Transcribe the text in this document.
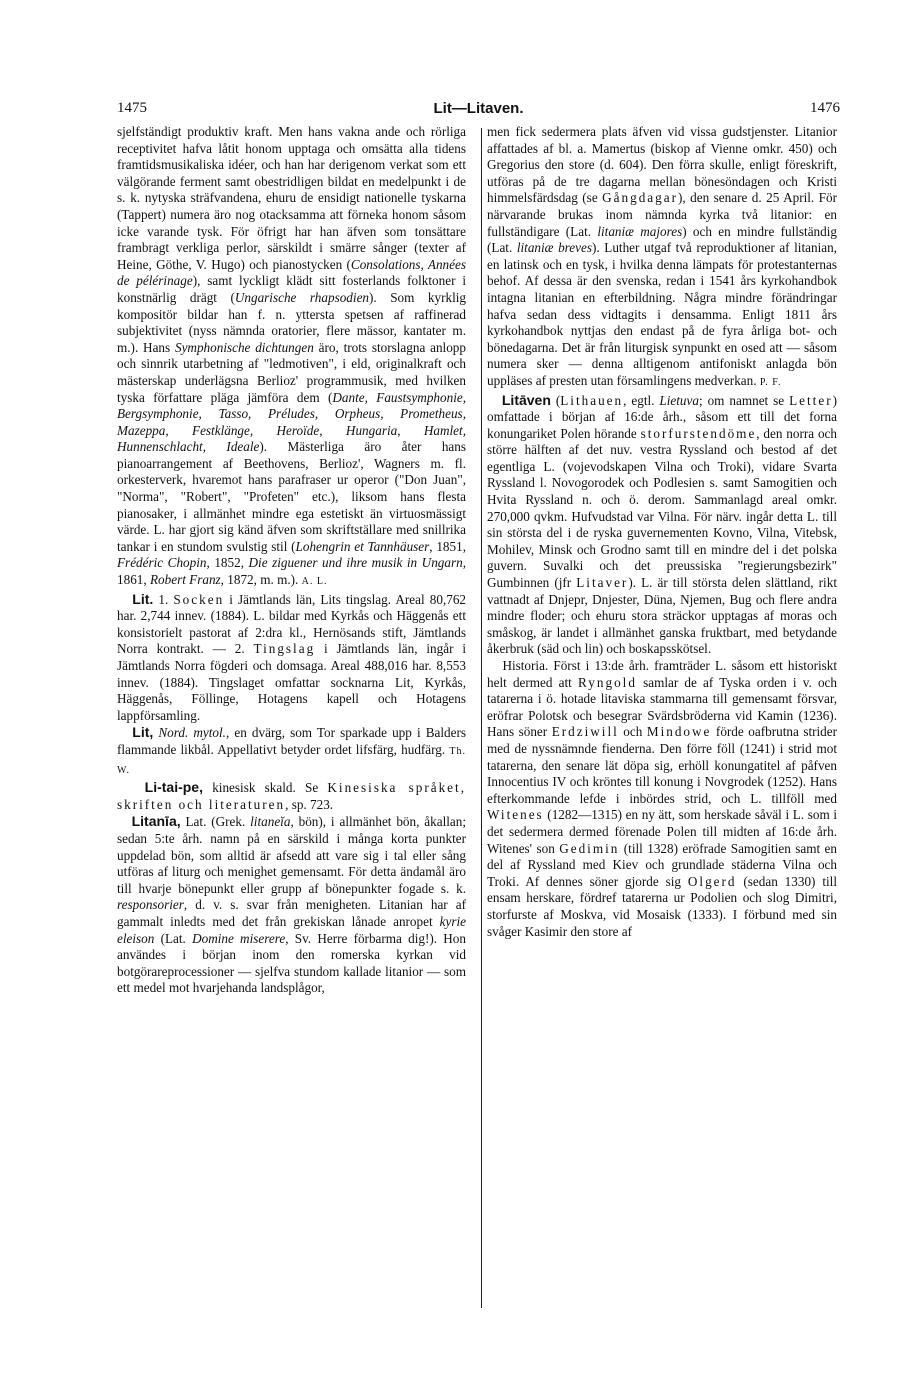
1475	Lit—Litaven.	1476

sjelfständigt produktiv kraft. Men hans vakna ande och rörliga receptivitet hafva låtit honom upptaga och omsätta alla tidens framtidsmusikaliska idéer, och han har derigenom verkat som ett välgörande ferment samt obestridligen bildat en medelpunkt i de s. k. nytyska sträfvandena, ehuru de ensidigt nationelle tyskarna (Tappert) numera äro nog otacksamma att förneka honom såsom icke varande tysk. För öfrigt har han äfven som tonsättare frambragt verkliga perlor, särskildt i smärre sånger (texter af Heine, Göthe, V. Hugo) och pianostycken (Consolations, Années de pélérinage), samt lyckligt klädt sitt fosterlands folktoner i konstnärlig drägt (Ungarische rhapsodien). Som kyrklig kompositör bildar han f. n. yttersta spetsen af raffinerad subjektivitet (nyss nämnda oratorier, flere mässor, kantater m. m.). Hans Symphonische dichtungen äro, trots storslagna anlopp och sinnrik utarbetning af "ledmotiven", i eld, originalkraft och mästerskap underlägsna Berlioz' programmusik, med hvilken tyska författare pläga jämföra dem (Dante, Faustsymphonie, Bergsymphonie, Tasso, Préludes, Orpheus, Prometheus, Mazeppa, Festklänge, Heroïde, Hungaria, Hamlet, Hunnenschlacht, Ideale). Mästerliga äro åter hans pianoarrangement af Beethovens, Berlioz', Wagners m. fl. orkesterverk, hvaremot hans parafraser ur operor ("Don Juan", "Norma", "Robert", "Profeten" etc.), liksom hans flesta pianosaker, i allmänhet mindre ega estetiskt än virtuosmässigt värde. L. har gjort sig känd äfven som skriftställare med snillrika tankar i en stundom svulstig stil (Lohengrin et Tannhäuser, 1851, Frédéric Chopin, 1852, Die ziguener und ihre musik in Ungarn, 1861, Robert Franz, 1872, m. m.). A. L.

Lit. 1. Socken i Jämtlands län, Lits tingslag. Areal 80,762 har. 2,744 innev. (1884). L. bildar med Kyrkås och Häggenås ett konsistorielt pastorat af 2:dra kl., Hernösands stift, Jämtlands Norra kontrakt. — 2. Tingslag i Jämtlands län, ingår i Jämtlands Norra fögderi och domsaga. Areal 488,016 har. 8,553 innev. (1884). Tingslaget omfattar socknarna Lit, Kyrkås, Häggenås, Föllinge, Hotagens kapell och Hotagens lappförsamling.

Lit, Nord. mytol., en dvärg, som Tor sparkade upp i Balders flammande likbål. Appellativt betyder ordet lifsfärg, hudfärg. Th. W.

Li-tai-pe, kinesisk skald. Se Kinesiska språket, skriften och literaturen, sp. 723.

Litanīa, Lat. (Grek. litaneĭa, bön), i allmänhet bön, åkallan; sedan 5:te årh. namn på en särskild i många korta punkter uppdelad bön, som alltid är afsedd att vare sig i tal eller sång utföras af liturg och menighet gemensamt. För detta ändamål äro till hvarje bönepunkt eller grupp af bönepunkter fogade s. k. responsorier, d. v. s. svar från menigheten. Litanian har af gammalt inledts med det från grekiskan lånade anropet kyrie eleison (Lat. Domine miserere, Sv. Herre förbarma dig!). Hon användes i början inom den romerska kyrkan vid botgörareprocessioner — sjelfva stundom kallade litanior — som ett medel mot hvarjehanda landsplågor,

men fick sedermera plats äfven vid vissa gudstjenster. Litanior affattades af bl. a. Mamertus (biskop af Vienne omkr. 450) och Gregorius den store (d. 604). Den förra skulle, enligt föreskrift, utföras på de tre dagarna mellan bönesöndagen och Kristi himmelsfärdsdag (se Gångdagar), den senare d. 25 April. För närvarande brukas inom nämnda kyrka två litanior: en fullständigare (Lat. litaniæ majores) och en mindre fullständig (Lat. litaniæ breves). Luther utgaf två reproduktioner af litanian, en latinsk och en tysk, i hvilka denna lämpats för protestanternas behof. Af dessa är den svenska, redan i 1541 års kyrkohandbok intagna litanian en efterbildning. Några mindre förändringar hafva sedan dess vidtagits i densamma. Enligt 1811 års kyrkohandbok nyttjas den endast på de fyra årliga bot- och bönedagarna. Det är från liturgisk synpunkt en osed att — såsom numera sker — denna alltigenom antifoniskt anlagda bön uppläses af presten utan församlingens medverkan. P. F.

Litāven (Lithauen, egtl. Lietuva; om namnet se Letter) omfattade i början af 16:de årh., såsom ett till det forna konungariket Polen hörande storfurstendöme, den norra och större hälften af det nuv. vestra Ryssland och bestod af det egentliga L. (vojevodskapen Vilna och Troki), vidare Svarta Ryssland l. Novogorodek och Podlesien s. samt Samogitien och Hvita Ryssland n. och ö. derom. Sammanlagd areal omkr. 270,000 qvkm. Hufvudstad var Vilna. För närv. ingår detta L. till sin största del i de ryska guvernementen Kovno, Vilna, Vitebsk, Mohilev, Minsk och Grodno samt till en mindre del i det polska guvern. Suvalki och det preussiska "regierungsbezirk" Gumbinnen (jfr Litaver). L. är till största delen slättland, rikt vattnadt af Dnjepr, Dnjester, Düna, Njemen, Bug och flere andra mindre floder; och ehuru stora sträckor upptagas af moras och småskog, är landet i allmänhet ganska fruktbart, med betydande åkerbruk (säd och lin) och boskapsskötsel.

Historia. Först i 13:de årh. framträder L. såsom ett historiskt helt dermed att Ryngold samlar de af Tyska orden i v. och tatarerna i ö. hotade litaviska stammarna till gemensamt försvar, eröfrar Polotsk och besegrar Svärdsbröderna vid Kamin (1236). Hans söner Erdziwill och Mindowe förde oafbrutna strider med de nyssnämnde fienderna. Den förre föll (1241) i strid mot tatarerna, den senare lät döpa sig, erhöll konungatitel af påfven Innocentius IV och kröntes till konung i Novgrodek (1252). Hans efterkommande lefde i inbördes strid, och L. tillföll med Witenes (1282—1315) en ny ätt, som herskade såväl i L. som i det sedermera dermed förenade Polen till midten af 16:de årh. Witenes' son Gedimin (till 1328) eröfrade Samogitien samt en del af Ryssland med Kiev och grundlade städerna Vilna och Troki. Af dennes söner gjorde sig Olgerd (sedan 1330) till ensam herskare, fördref tatarerna ur Podolien och slog Dimitri, storfurste af Moskva, vid Mosaisk (1333). I förbund med sin svåger Kasimir den store af
